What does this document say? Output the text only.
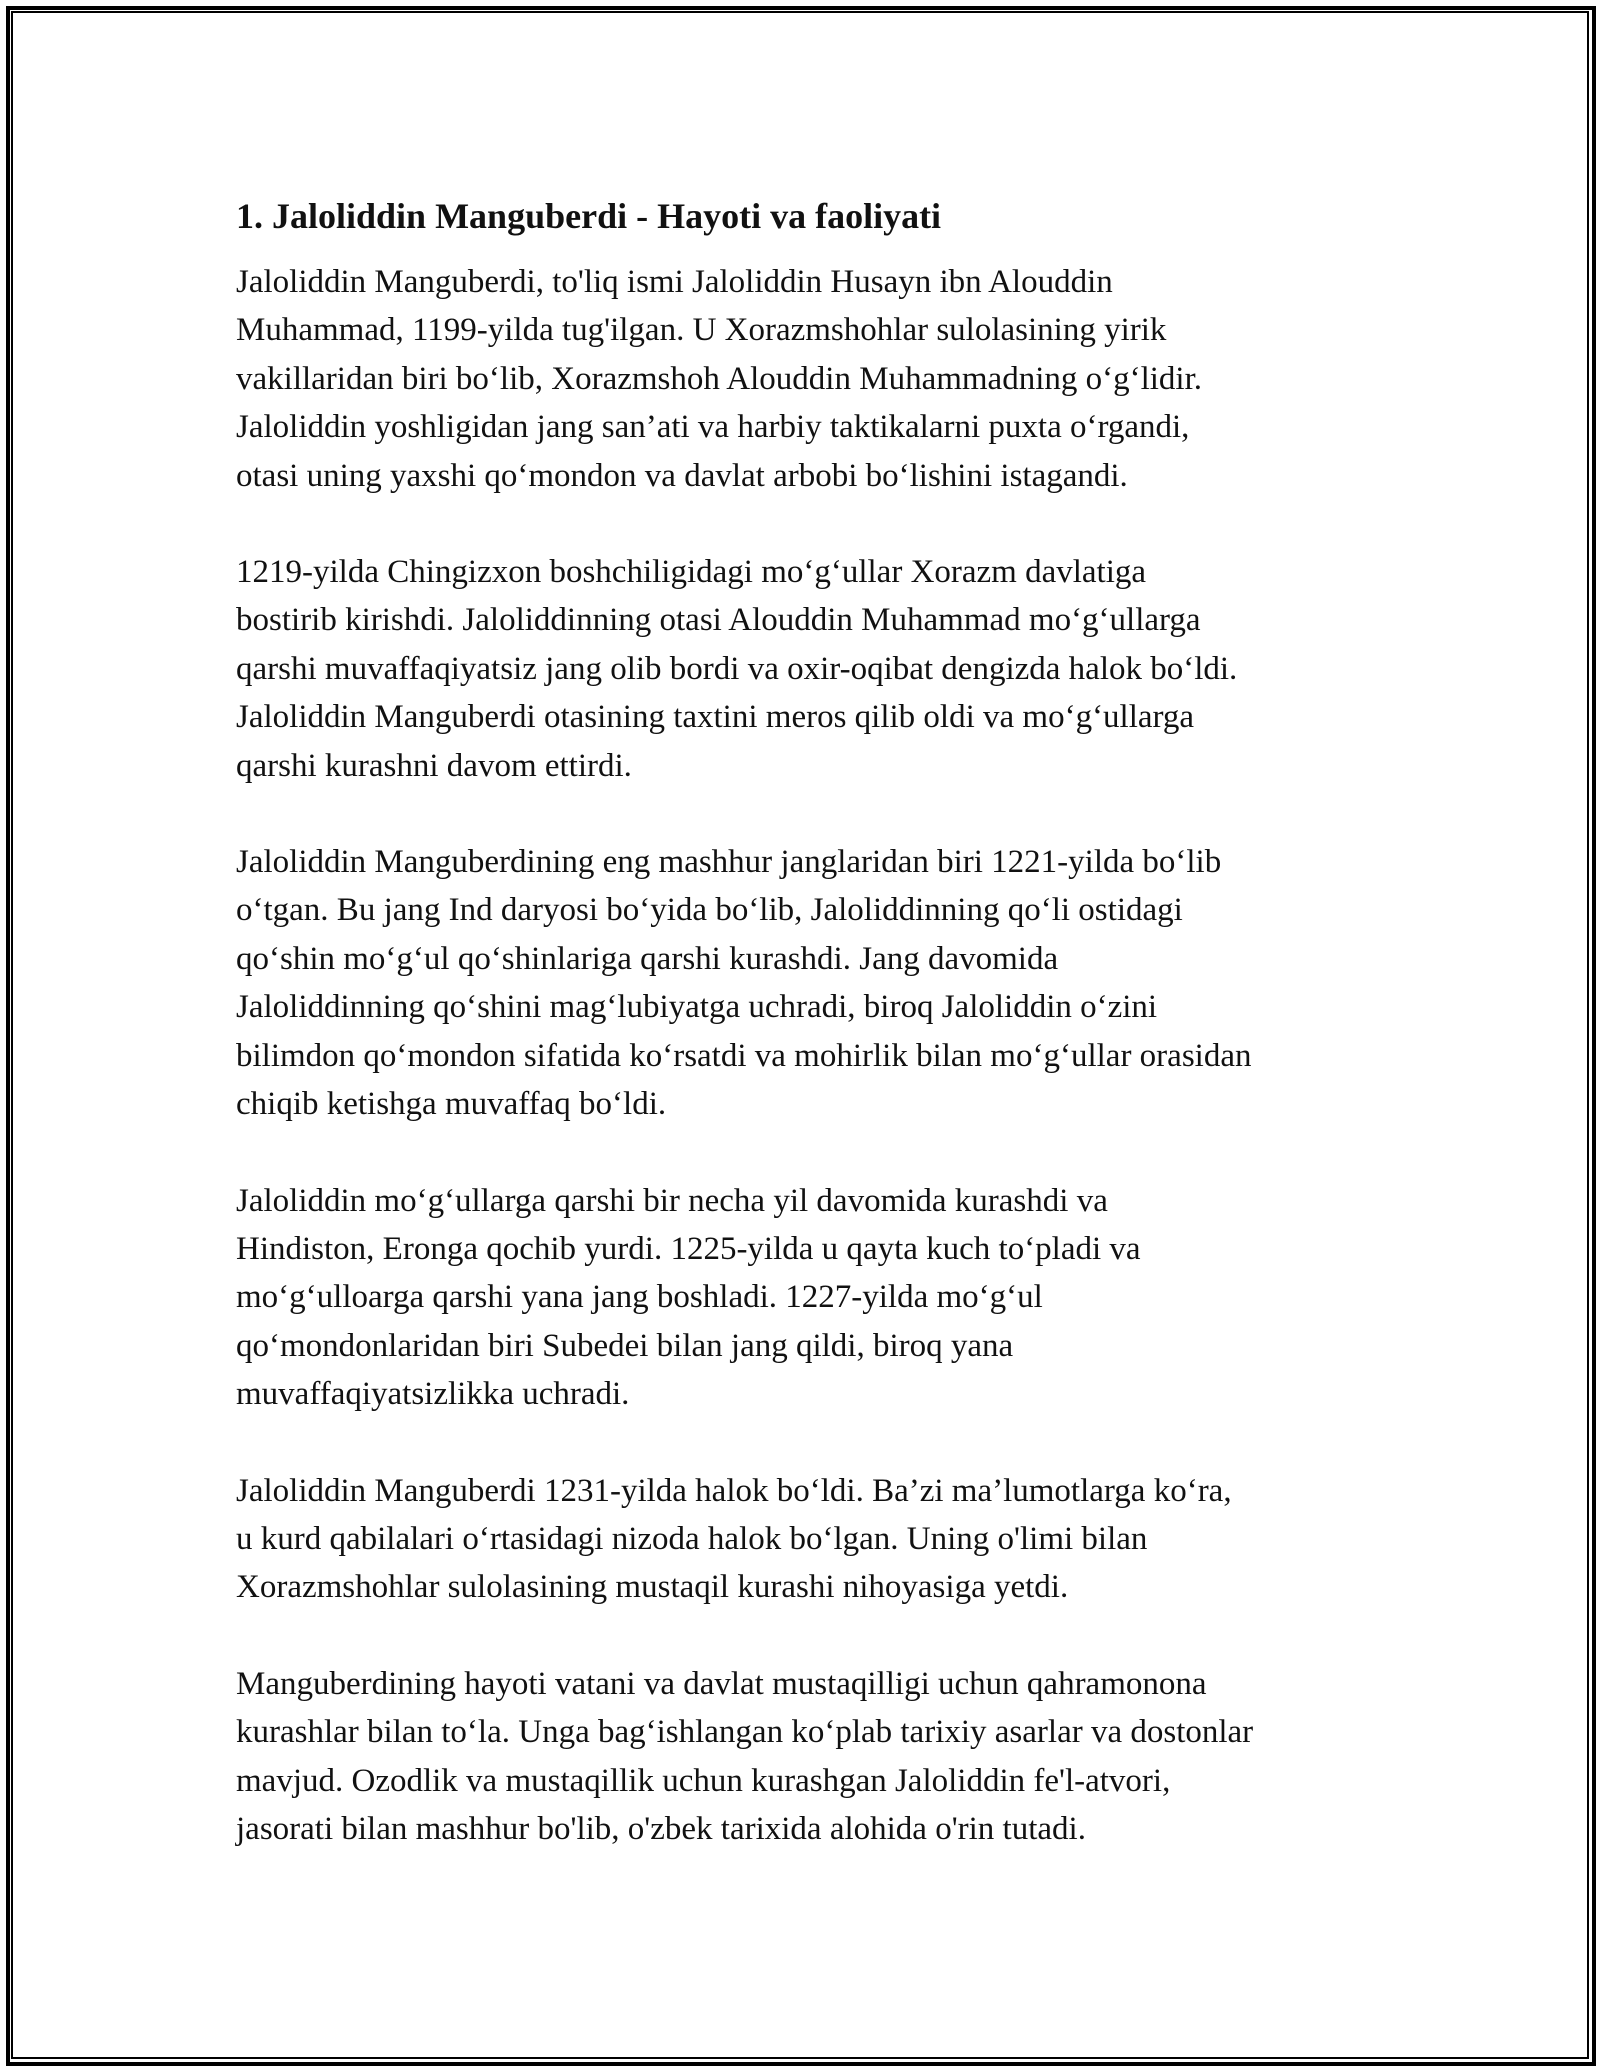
1. Jaloliddin Manguberdi - Hayoti va faoliyati
Jaloliddin Manguberdi, to'liq ismi Jaloliddin Husayn ibn Alouddin
Muhammad, 1199-yilda tug'ilgan. U Xorazmshohlar sulolasining yirik
vakillaridan biri bo‘lib, Xorazmshoh Alouddin Muhammadning o‘g‘lidir.
Jaloliddin yoshligidan jang san’ati va harbiy taktikalarni puxta o‘rgandi,
otasi uning yaxshi qo‘mondon va davlat arbobi bo‘lishini istagandi.
1219-yilda Chingizxon boshchiligidagi mo‘g‘ullar Xorazm davlatiga
bostirib kirishdi. Jaloliddinning otasi Alouddin Muhammad mo‘g‘ullarga
qarshi muvaffaqiyatsiz jang olib bordi va oxir-oqibat dengizda halok bo‘ldi.
Jaloliddin Manguberdi otasining taxtini meros qilib oldi va mo‘g‘ullarga
qarshi kurashni davom ettirdi.
Jaloliddin Manguberdining eng mashhur janglaridan biri 1221-yilda bo‘lib
o‘tgan. Bu jang Ind daryosi bo‘yida bo‘lib, Jaloliddinning qo‘li ostidagi
qo‘shin mo‘g‘ul qo‘shinlariga qarshi kurashdi. Jang davomida
Jaloliddinning qo‘shini mag‘lubiyatga uchradi, biroq Jaloliddin o‘zini
bilimdon qo‘mondon sifatida ko‘rsatdi va mohirlik bilan mo‘g‘ullar orasidan
chiqib ketishga muvaffaq bo‘ldi.
Jaloliddin mo‘g‘ullarga qarshi bir necha yil davomida kurashdi va
Hindiston, Eronga qochib yurdi. 1225-yilda u qayta kuch to‘pladi va
mo‘g‘ulloarga qarshi yana jang boshladi. 1227-yilda mo‘g‘ul
qo‘mondonlaridan biri Subedei bilan jang qildi, biroq yana
muvaffaqiyatsizlikka uchradi.
Jaloliddin Manguberdi 1231-yilda halok bo‘ldi. Ba’zi ma’lumotlarga ko‘ra,
u kurd qabilalari o‘rtasidagi nizoda halok bo‘lgan. Uning o'limi bilan
Xorazmshohlar sulolasining mustaqil kurashi nihoyasiga yetdi.
Manguberdining hayoti vatani va davlat mustaqilligi uchun qahramonona
kurashlar bilan to‘la. Unga bag‘ishlangan ko‘plab tarixiy asarlar va dostonlar
mavjud. Ozodlik va mustaqillik uchun kurashgan Jaloliddin fe'l-atvori,
jasorati bilan mashhur bo'lib, o'zbek tarixida alohida o'rin tutadi.
